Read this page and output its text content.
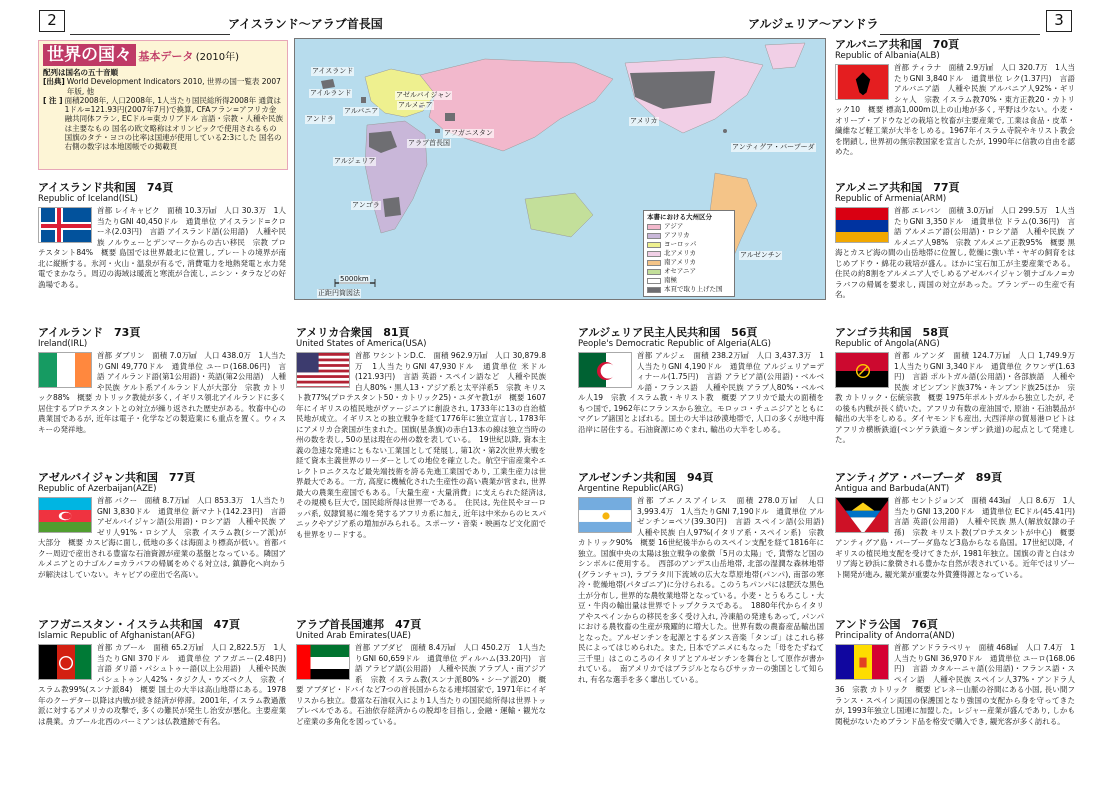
2	アイスランド～アラブ首長国	アルジェリア～アンドラ	3
世界の国々 基本データ (2010年)
配列は国名の五十音順
[出典] World Development Indicators 2010, 世界の国一覧表 2007年版, 他
[ 注 ] 面積2008年, 人口2008年, 1人当たり国民総所得2008年 通貨は1ドル=121.93円(2007年7月)で換算, CFAフラン=アフリカ金融共同体フラン, ECドル=東カリブドル 言語・宗教・人種や民族は主要なもの 国名の欧文略称はオリンピックで使用されるもの 国旗のタテ・ヨコの比率は国連が使用している2:3にした 国名の右側の数字は本地図帳での掲載頁
アイスランド
アイルランド	アゼルバイジャン
アルメニア
アルバニア
アンドラ
アルジェリア
アラブ首長国
アフガニスタン
アンゴラ
アメリカ
アンティグア・バーブーダ
アルゼンチン
5000km
正距円筒図法
本書における大州区分
アジア
アフリカ
ヨーロッパ
北アメリカ
南アメリカ
オセアニア
南極
本頁で取り上げた国
アイスランド共和国　74頁
Republic of Iceland(ISL)

首都 レイキャビク　面積 10.3万㎢　人口 30.3万　1人当たりGNI 40,450ドル　通貨単位 アイスランド=クローネ(2.03円)　言語 アイスランド語(公用語)　人種や民族 ノルウェーとデンマークからの古い移民　宗教 プロテスタント84%　概要 島国では世界最北に位置し, プレートの境界が南北に縦断する。氷河・火山・温泉が有るで, 消費電力を地熱発電と水力発電でまかなう。周辺の海域は暖流と寒流が合流し, ニシン・タラなどの好漁場である。

アイルランド　73頁
Ireland(IRL)

首都 ダブリン　面積 7.0万㎢　人口 438.0万　1人当たりGNI 49,770ドル　通貨単位 ユーロ(168.06円)　言語 アイルランド語(第1公用語)・英語(第2公用語)　人種や民族 ケルト系アイルランド人が大部分　宗教 カトリック88%　概要 カトリック教徒が多く, イギリス領北アイルランドに多く居住するプロテスタントとの対立が繰り返された歴史がある。牧畜中心の農業国であるが, 近年は電子・化学などの製造業にも重点を置く。ウィスキーの発祥地。

アゼルバイジャン共和国　77頁
Republic of Azerbaijan(AZE)

首都 バクー　面積 8.7万㎢　人口 853.3万　1人当たりGNI 3,830ドル　通貨単位 新マナト(142.23円)　言語 アゼルバイジャン語(公用語)・ロシア語　人種や民族 アゼリ人91%・ロシア人　宗教 イスラム教(シーア派)が大部分　概要 カスピ海に面し, 低地の多くは海面より標高が低い。首都バクー周辺で産出される豊富な石油資源が産業の基盤となっている。隣国アルメニアとのナゴルノ=カラバフの帰属をめぐる対立は, 鎮静化へ向かうが解決はしていない。キャビアの産出で名高い。

アフガニスタン・イスラム共和国　47頁
Islamic Republic of Afghanistan(AFG)

首都 カブール　面積 65.2万㎢　人口 2,822.5万　1人当たりGNI 370ドル　通貨単位 アフガニー(2.48円)　言語 ダリ語・パシュトゥー語(以上公用語)　人種や民族 パシュトゥン人42%・タジク人・ウズベク人　宗教 イスラム教99%(スンナ派84)　概要 国土の大半は高山地帯にある。1978年のクーデター以降は内戦が続き経済が停滞。2001年, イスラム教過激派に対するアメリカの攻撃で, 多くの難民が発生し治安が悪化。主要産業は農業。カブール北西のバーミアンは仏教遺跡で有名。

アメリカ合衆国　81頁
United States of America(USA)

首都 ワシントンD.C.　面積 962.9万㎢　人口 30,879.8万　1人当たりGNI 47,930ドル　通貨単位 米ドル(121.93円)　言語 英語・スペイン語など　人種や民族 白人80%・黒人13・アジア系と太平洋系5　宗教 キリスト教77%(プロテスタント50・カトリック25)・ユダヤ教1が　概要 1607年にイギリスの植民地がヴァージニアに創設され, 1733年に13の自治植民地が成立。イギリスとの独立戦争を経て1776年に独立宣言し, 1783年にアメリカ合衆国が生まれた。国旗(星条旗)の赤白13本の線は独立当時の州の数を表し, 50の星は現在の州の数を表している。　19世紀以降, 資本主義の急速な発達にともない工業国として発展し, 第1次・第2次世界大戦を経て資本主義世界のリーダーとしての地位を確立した。航空宇宙産業やエレクトロニクスなど最先端技術を誇る先進工業国であり, 工業生産力は世界最大である。一方, 高度に機械化された生産性の高い農業が営まれ, 世界最大の農業生産国でもある。「大量生産・大量消費」に支えられた経済は, その規模も巨大で, 国民総所得は世界一である。　住民は, 先住民やヨーロッパ系, 奴隷貿易に端を発するアフリカ系に加え, 近年は中米からのヒスパニックやアジア系の増加がみられる。スポーツ・音楽・映画など文化面でも世界をリードする。

アラブ首長国連邦　47頁
United Arab Emirates(UAE)

首都 アブダビ　面積 8.4万㎢　人口 450.2万　1人当たりGNI 60,659ドル　通貨単位 ディルハム(33.20円)　言語 アラビア語(公用語)　人種や民族 アラブ人・南アジア系　宗教 イスラム教(スンナ派80%・シーア派20)　概要 アブダビ・ドバイなど7つの首長国からなる連邦国家で, 1971年にイギリスから独立。豊富な石油収入により1人当たりの国民総所得は世界トップレベルである。石油依存経済からの脱却を目指し, 金融・運輸・観光など産業の多角化を図っている。

アルジェリア民主人民共和国　56頁
People's Democratic Republic of Algeria(ALG)

首都 アルジェ　面積 238.2万㎢　人口 3,437.3万　1人当たりGNI 4,190ドル　通貨単位 アルジェリア=ディナール(1.75円)　言語 アラビア語(公用語)・ベルベル語・フランス語　人種や民族 アラブ人80%・ベルベル人19　宗教 イスラム教・キリスト教　概要 アフリカで最大の面積をもつ国で, 1962年にフランスから独立。モロッコ・チュニジアとともにマグレブ諸国とよばれる。国土の大半は砂漠地帯で, 人口の多くが地中海沿岸に居住する。石油資源にめぐまれ, 輸出の大半をしめる。

アルゼンチン共和国　94頁
Argentine Republic(ARG)

首都 ブエノスアイレス　面積 278.0万㎢　人口 3,993.4万　1人当たりGNI 7,190ドル　通貨単位 アルゼンチン=ペソ(39.30円)　言語 スペイン語(公用語)　人種や民族 白人97%(イタリア系・スペイン系)　宗教 カトリック90%　概要 16世紀後半からのスペイン支配を経て1816年に独立。国旗中央の太陽は独立戦争の象徴「5月の太陽」で, 貨幣など国のシンボルに使用する。　西部のアンデス山岳地帯, 北部の湿潤な森林地帯(グランチャコ), ラプラタ川下流域の広大な草原地帯(パンパ), 南部の寒冷・乾燥地帯(パタゴニア)に分けられる。このうちパンパには肥沃な黒色土が分布し, 世界的な農牧業地帯となっている。小麦・とうもろこし・大豆・牛肉の輸出量は世界でトップクラスである。　1880年代からイタリアやスペインからの移民を多く受け入れ, 冷凍船の発達もあって, パンパにおける農牧畜の生産が飛躍的に増大した。世界有数の農畜産品輸出国となった。アルゼンチンを起源とするダンス音楽「タンゴ」はこれら移民によってはじめられた。また, 日本でアニメにもなった「母をたずねて三千里」はこのころのイタリアとアルゼンチンを舞台として原作が書かれている。　南アメリカではブラジルとならびサッカーの強国として知られ, 有名な選手を多く輩出している。

アルバニア共和国　70頁
Republic of Albania(ALB)

首都 ティラナ　面積 2.9万㎢　人口 320.7万　1人当たりGNI 3,840ドル　通貨単位 レク(1.37円)　言語 アルバニア語　人種や民族 アルバニア人92%・ギリシャ人　宗教 イスラム教70%・東方正教20・カトリック10　概要 標高1,000m以上の山地が多く, 平野は少ない。小麦・オリーブ・ブドウなどの栽培と牧畜が主要産業で, 工業は食品・皮革・繊維など軽工業が大半をしめる。1967年イスラム寺院やキリスト教会を閉鎖し, 世界初の無宗教国家を宣言したが, 1990年に信教の自由を認めた。

アルメニア共和国　77頁
Republic of Armenia(ARM)

首都 エレバン　面積 3.0万㎢　人口 299.5万　1人当たりGNI 3,350ドル　通貨単位 ドラム(0.36円)　言語 アルメニア語(公用語)・ロシア語　人種や民族 アルメニア人98%　宗教 アルメニア正教95%　概要 黒海とカスピ海の間の山岳地帯に位置し, 乾燥に強い羊・ヤギの飼育をはじめブドウ・綿花の栽培が盛ん。ほかに宝石加工が主要産業である。住民の約8割をアルメニア人でしめるアゼルバイジャン領ナゴルノ=カラバフの帰属を要求し, 両国の対立があった。ブランデーの生産で有名。

アンゴラ共和国　58頁
Republic of Angola(ANG)

首都 ルアンダ　面積 124.7万㎢　人口 1,749.9万　1人当たりGNI 3,340ドル　通貨単位 クワンザ(1.63円)　言語 ポルトガル語(公用語)・各部族語　人種や民族 オビンブンド族37%・キンブンド族25ほか　宗教 カトリック・伝統宗教　概要 1975年ポルトガルから独立したが, その後も内戦が長く続いた。アフリカ有数の産油国で, 原油・石油製品が輸出の大半をしめる。ダイヤモンドも産出, 大西洋岸の貿易港ロビトはアフリカ横断鉄道(ベンゲラ鉄道～タンザン鉄道)の起点として発達した。

アンティグア・バーブーダ　89頁
Antigua and Barbuda(ANT)

首都 セントジョンズ　面積 443㎢　人口 8.6万　1人当たりGNI 13,200ドル　通貨単位 ECドル(45.41円)　言語 英語(公用語)　人種や民族 黒人(解放奴隷の子孫)　宗教 キリスト教(プロテスタントが中心)　概要 アンティグア島・バーブーダ島など3島からなる島国。17世紀以降, イギリスの植民地支配を受けてきたが, 1981年独立。国旗の青と白はカリブ海と砂浜に象徴される豊かな自然が表されている。近年ではリゾート開発が進み, 観光業が重要な外貨獲得源となっている。

アンドラ公国　76頁
Principality of Andorra(AND)

首都 アンドララベリャ　面積 468㎢　人口 7.4万　1人当たりGNI 36,970ドル　通貨単位 ユーロ(168.06円)　言語 カタルーニャ語(公用語)・フランス語・スペイン語　人種や民族 スペイン人37%・アンドラ人36　宗教 カトリック　概要 ピレネー山脈の谷間にある小国, 長い間フランス・スペイン両国の保護国となり強国の支配から身を守ってきたが, 1993年独立し国連に加盟した。レジャー産業が盛んであり, しかも関税がないためブランド品を格安で購入でき, 観光客が多く訪れる。
